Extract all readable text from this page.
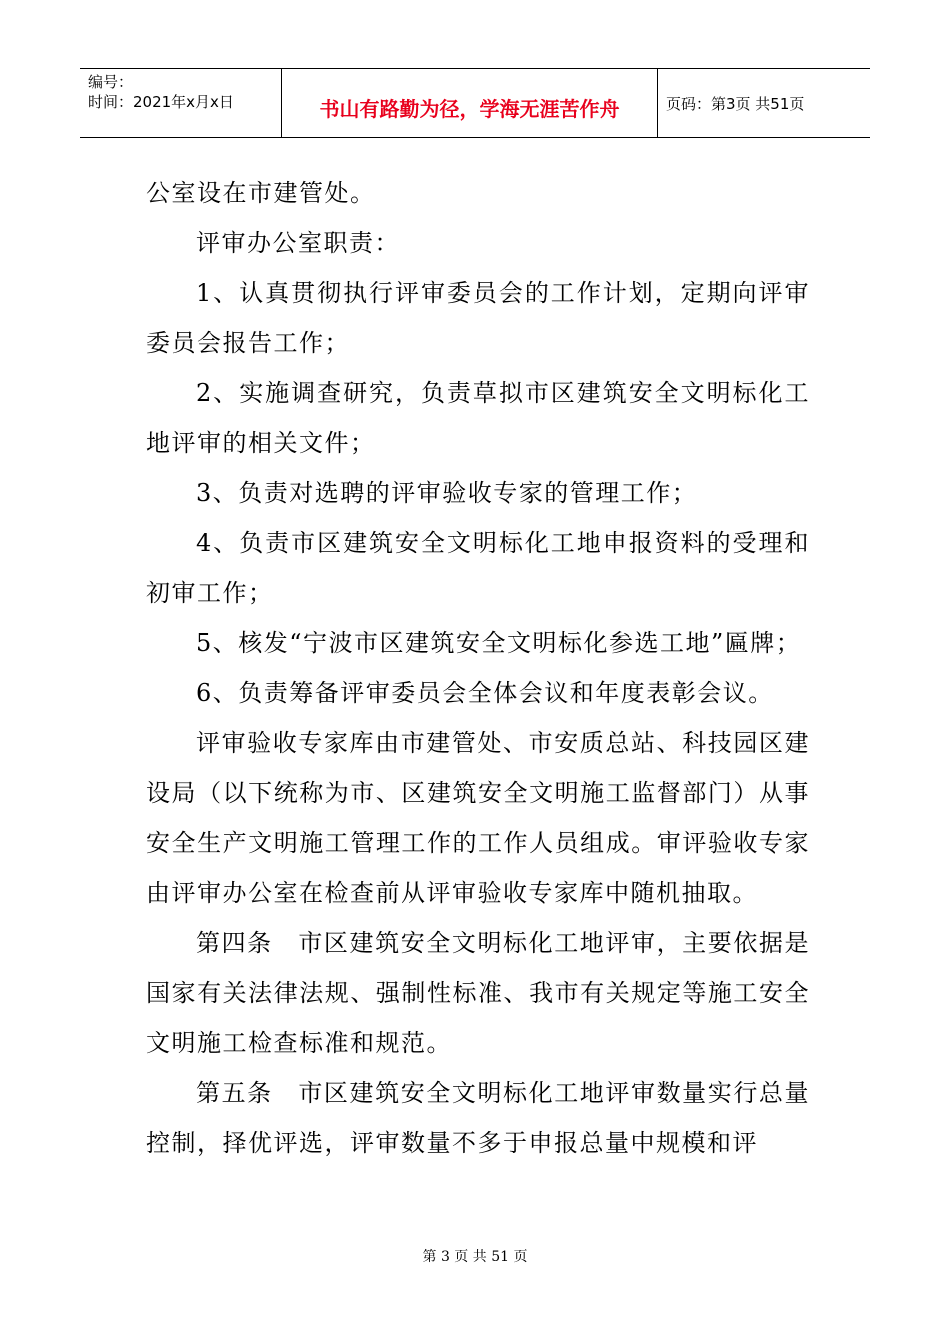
编号：
时间：2021年x月x日	书山有路勤为径，学海无涯苦作舟	页码：第3页 共51页

公室设在市建管处。

评审办公室职责：

1、认真贯彻执行评审委员会的工作计划，定期向评审委员会报告工作；

2、实施调查研究，负责草拟市区建筑安全文明标化工地评审的相关文件；

3、负责对选聘的评审验收专家的管理工作；

4、负责市区建筑安全文明标化工地申报资料的受理和初审工作；

5、核发“宁波市区建筑安全文明标化参选工地”匾牌；

6、负责筹备评审委员会全体会议和年度表彰会议。

评审验收专家库由市建管处、市安质总站、科技园区建设局（以下统称为市、区建筑安全文明施工监督部门）从事安全生产文明施工管理工作的工作人员组成。审评验收专家由评审办公室在检查前从评审验收专家库中随机抽取。

第四条　市区建筑安全文明标化工地评审，主要依据是国家有关法律法规、强制性标准、我市有关规定等施工安全文明施工检查标准和规范。

第五条　市区建筑安全文明标化工地评审数量实行总量控制，择优评选，评审数量不多于申报总量中规模和评

第 3 页 共 51 页
